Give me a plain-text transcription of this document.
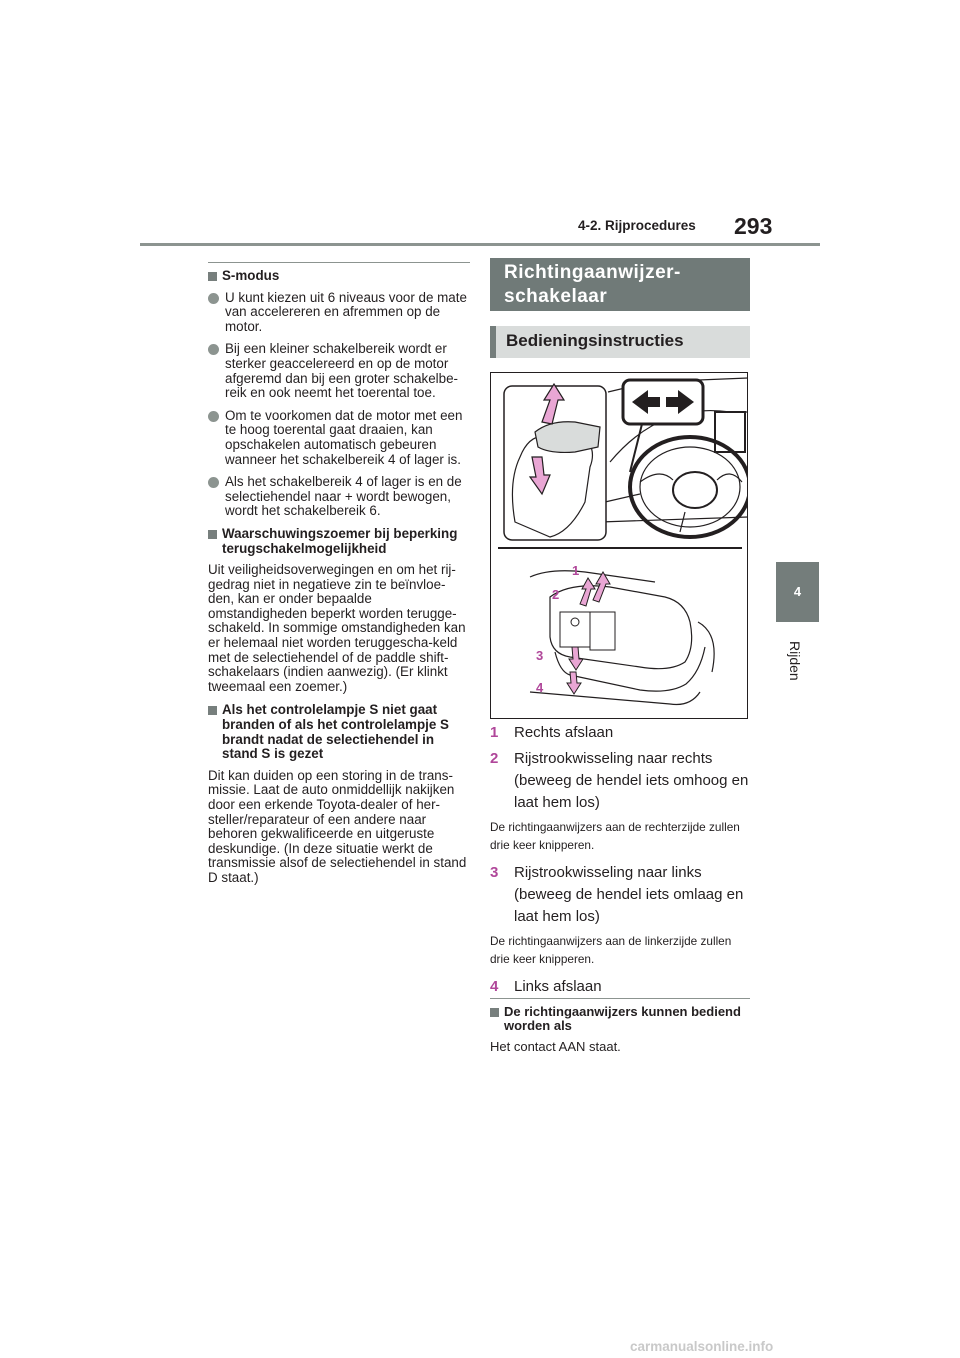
4-2. Rijprocedures 293
4
Rijden
S-modus
U kunt kiezen uit 6 niveaus voor de mate van accelereren en afremmen op de motor.
Bij een kleiner schakelbereik wordt er sterker geaccelereerd en op de motor afgeremd dan bij een groter schakelbe-reik en ook neemt het toerental toe.
Om te voorkomen dat de motor met een te hoog toerental gaat draaien, kan opschakelen automatisch gebeuren wanneer het schakelbereik 4 of lager is.
Als het schakelbereik 4 of lager is en de selectiehendel naar + wordt bewogen, wordt het schakelbereik 6.
Waarschuwingszoemer bij beperking terugschakelmogelijkheid
Uit veiligheidsoverwegingen en om het rij-gedrag niet in negatieve zin te beïnvloe-den, kan er onder bepaalde omstandigheden beperkt worden terugge-schakeld. In sommige omstandigheden kan er helemaal niet worden teruggescha-keld met de selectiehendel of de paddle shift-schakelaars (indien aanwezig). (Er klinkt tweemaal een zoemer.)
Als het controlelampje S niet gaat branden of als het controlelampje S brandt nadat de selectiehendel in stand S is gezet
Dit kan duiden op een storing in de trans-missie. Laat de auto onmiddellijk nakijken door een erkende Toyota-dealer of her-steller/reparateur of een andere naar behoren gekwalificeerde en uitgeruste deskundige. (In deze situatie werkt de transmissie alsof de selectiehendel in stand D staat.)
Richtingaanwijzer-schakelaar
Bedieningsinstructies
1
2
3
4
1 Rechts afslaan
2 Rijstrookwisseling naar rechts (beweeg de hendel iets omhoog en laat hem los)
De richtingaanwijzers aan de rechterzijde zullen drie keer knipperen.
3 Rijstrookwisseling naar links (beweeg de hendel iets omlaag en laat hem los)
De richtingaanwijzers aan de linkerzijde zullen drie keer knipperen.
4 Links afslaan
De richtingaanwijzers kunnen bediend worden als
Het contact AAN staat.
carmanualsonline.info
